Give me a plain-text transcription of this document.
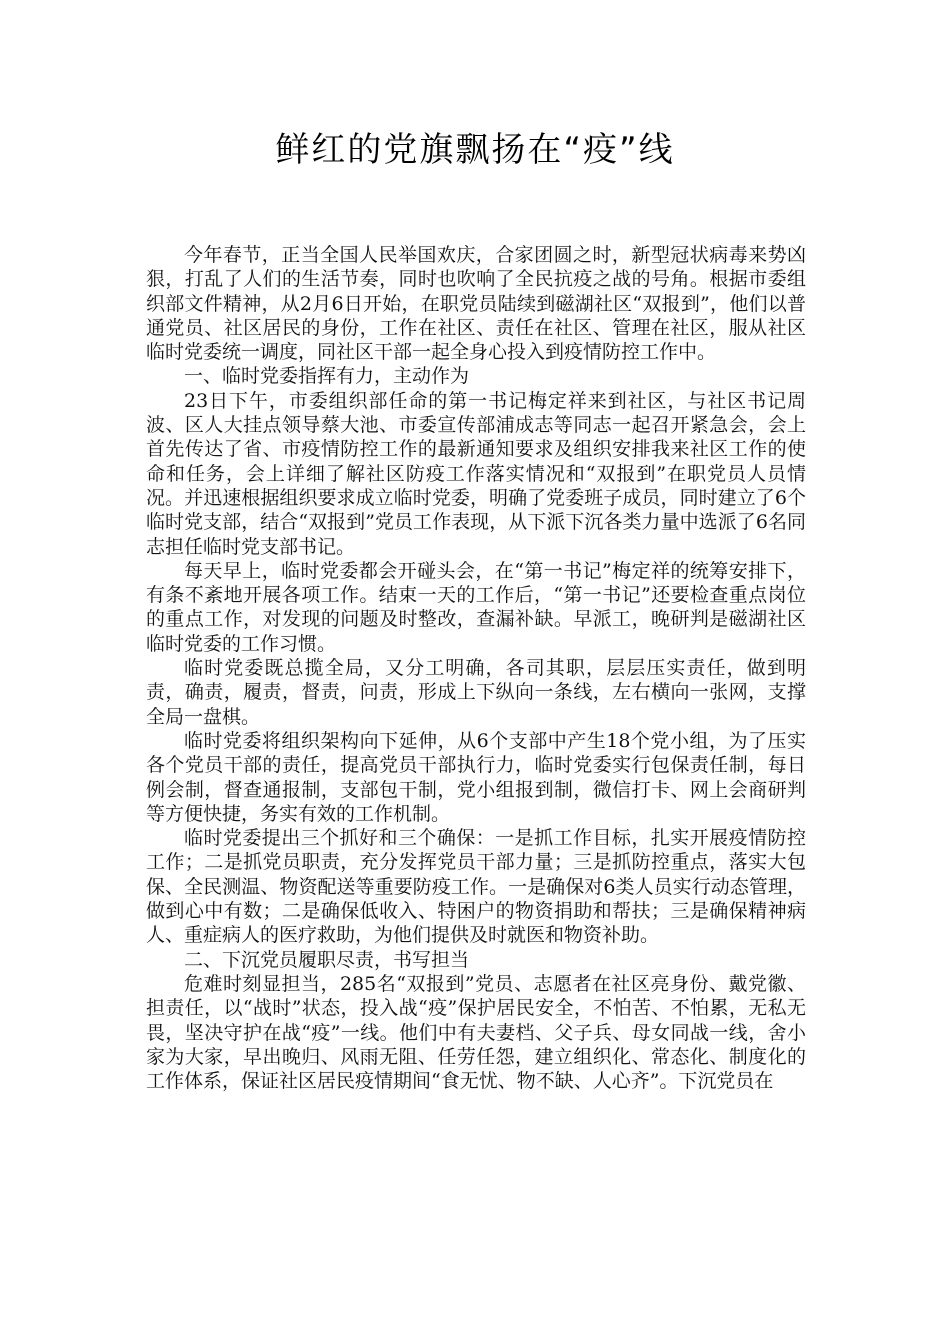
鲜红的党旗飘扬在“疫”线

今年春节，正当全国人民举国欢庆，合家团圆之时，新型冠状病毒来势凶狠，打乱了人们的生活节奏，同时也吹响了全民抗疫之战的号角。根据市委组织部文件精神，从2月6日开始，在职党员陆续到磁湖社区“双报到”，他们以普通党员、社区居民的身份，工作在社区、责任在社区、管理在社区，服从社区临时党委统一调度，同社区干部一起全身心投入到疫情防控工作中。

一、临时党委指挥有力，主动作为

23日下午，市委组织部任命的第一书记梅定祥来到社区，与社区书记周波、区人大挂点领导蔡大池、市委宣传部浦成志等同志一起召开紧急会，会上首先传达了省、市疫情防控工作的最新通知要求及组织安排我来社区工作的使命和任务，会上详细了解社区防疫工作落实情况和“双报到”在职党员人员情况。并迅速根据组织要求成立临时党委，明确了党委班子成员，同时建立了6个临时党支部，结合“双报到”党员工作表现，从下派下沉各类力量中选派了6名同志担任临时党支部书记。

每天早上，临时党委都会开碰头会，在“第一书记”梅定祥的统筹安排下，有条不紊地开展各项工作。结束一天的工作后，“第一书记”还要检查重点岗位的重点工作，对发现的问题及时整改，查漏补缺。早派工，晚研判是磁湖社区临时党委的工作习惯。

临时党委既总揽全局，又分工明确，各司其职，层层压实责任，做到明责，确责，履责，督责，问责，形成上下纵向一条线，左右横向一张网，支撑全局一盘棋。

临时党委将组织架构向下延伸，从6个支部中产生18个党小组，为了压实各个党员干部的责任，提高党员干部执行力，临时党委实行包保责任制，每日例会制，督查通报制，支部包干制，党小组报到制，微信打卡、网上会商研判等方便快捷，务实有效的工作机制。

临时党委提出三个抓好和三个确保：一是抓工作目标，扎实开展疫情防控工作；二是抓党员职责，充分发挥党员干部力量；三是抓防控重点，落实大包保、全民测温、物资配送等重要防疫工作。一是确保对6类人员实行动态管理，做到心中有数；二是确保低收入、特困户的物资捐助和帮扶；三是确保精神病人、重症病人的医疗救助，为他们提供及时就医和物资补助。

二、下沉党员履职尽责，书写担当

危难时刻显担当，285名“双报到”党员、志愿者在社区亮身份、戴党徽、担责任，以“战时”状态，投入战“疫”保护居民安全，不怕苦、不怕累，无私无畏，坚决守护在战“疫”一线。他们中有夫妻档、父子兵、母女同战一线，舍小家为大家，早出晚归、风雨无阻、任劳任怨，建立组织化、常态化、制度化的工作体系，保证社区居民疫情期间“食无忧、物不缺、人心齐”。下沉党员在
